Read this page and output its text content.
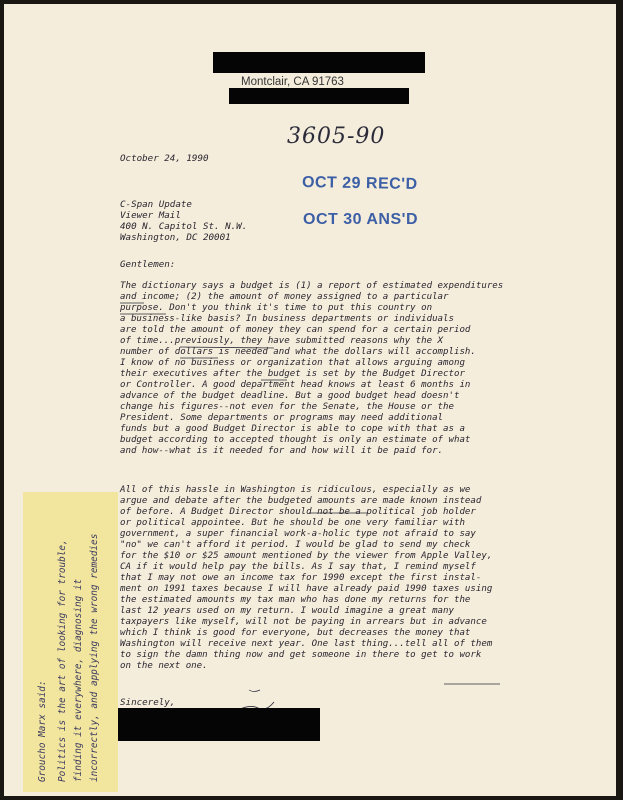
Montclair, CA 91763
3605-90
October 24, 1990
OCT 29 REC'D
OCT 30 ANS'D
C-Span Update
Viewer Mail
400 N. Capitol St. N.W.
Washington, DC 20001
Gentlemen:
The dictionary says a budget is (1) a report of estimated expenditures
and income; (2) the amount of money assigned to a particular
purpose. Don't you think it's time to put this country on
a business-like basis? In business departments or individuals
are told the amount of money they can spend for a certain period
of time...previously, they have submitted reasons why the X
number of dollars is needed and what the dollars will accomplish.
I know of no business or organization that allows arguing among
their executives after the budget is set by the Budget Director
or Controller. A good department head knows at least 6 months in
advance of the budget deadline. But a good budget head doesn't
change his figures--not even for the Senate, the House or the
President. Some departments or programs may need additional
funds but a good Budget Director is able to cope with that as a
budget according to accepted thought is only an estimate of what
and how--what is it needed for and how will it be paid for.
All of this hassle in Washington is ridiculous, especially as we
argue and debate after the budgeted amounts are made known instead
of before. A Budget Director should not be a political job holder
or political appointee. But he should be one very familiar with
government, a super financial work-a-holic type not afraid to say
"no" we can't afford it period. I would be glad to send my check
for the $10 or $25 amount mentioned by the viewer from Apple Valley,
CA if it would help pay the bills. As I say that, I remind myself
that I may not owe an income tax for 1990 except the first instal-
ment on 1991 taxes because I will have already paid 1990 taxes using
the estimated amounts my tax man who has done my returns for the
last 12 years used on my return. I would imagine a great many
taxpayers like myself, will not be paying in arrears but in advance
which I think is good for everyone, but decreases the money that
Washington will receive next year. One last thing...tell all of them
to sign the damn thing now and get someone in there to get to work
on the next one.
Sincerely,
Groucho Marx said: Politics is the art of looking for trouble, finding it everywhere, diagnosing it incorrectly, and applying the wrong remedies
